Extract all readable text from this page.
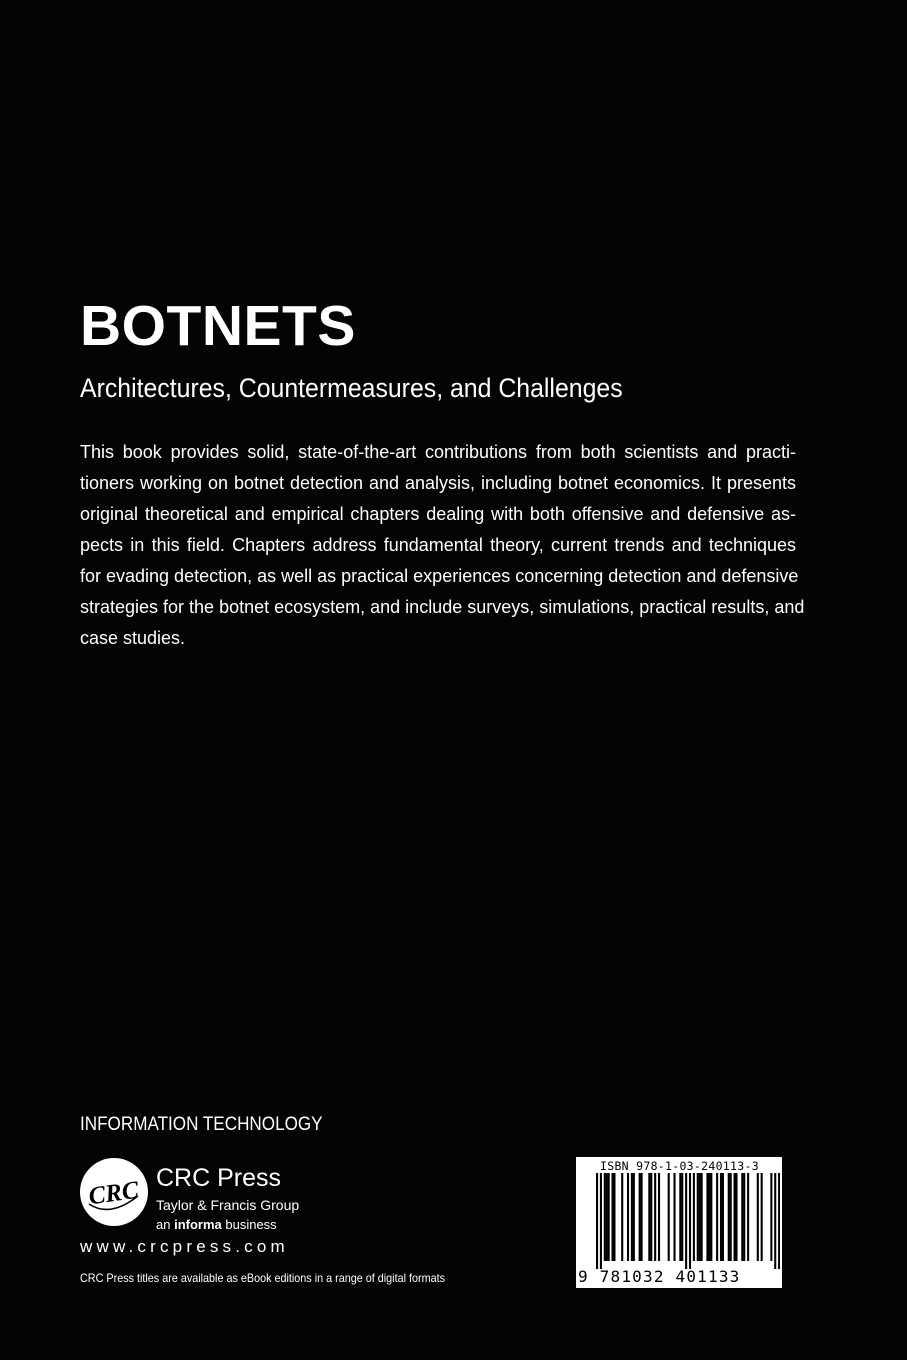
BOTNETS
Architectures, Countermeasures, and Challenges
This book provides solid, state-of-the-art contributions from both scientists and practi-
tioners working on botnet detection and analysis, including botnet economics. It presents
original theoretical and empirical chapters dealing with both offensive and defensive as-
pects in this field. Chapters address fundamental theory, current trends and techniques
for evading detection, as well as practical experiences concerning detection and defensive
strategies for the botnet ecosystem, and include surveys, simulations, practical results, and
case studies.
INFORMATION TECHNOLOGY
CRC CRC Press
Taylor & Francis Group
an informa business
www.crcpress.com
CRC Press titles are available as eBook editions in a range of digital formats
ISBN 978-1-03-240113-3
9 781032 401133
